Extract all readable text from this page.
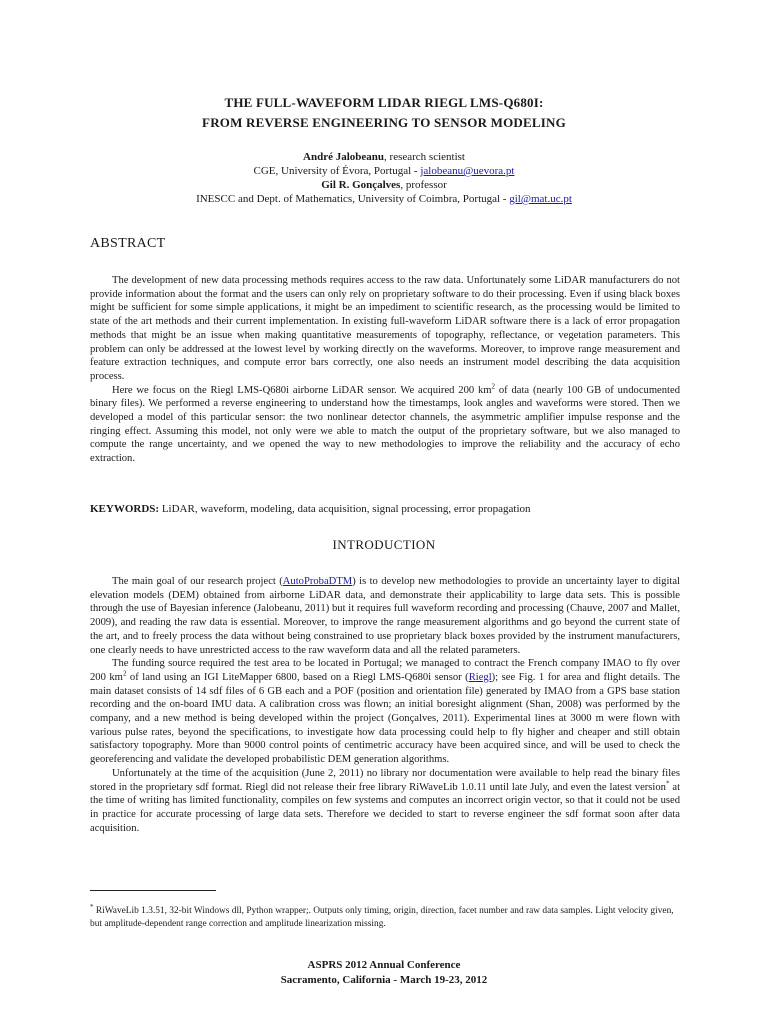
THE FULL-WAVEFORM LIDAR RIEGL LMS-Q680I:
FROM REVERSE ENGINEERING TO SENSOR MODELING
André Jalobeanu, research scientist
CGE, University of Évora, Portugal - jalobeanu@uevora.pt
Gil R. Gonçalves, professor
INESCC and Dept. of Mathematics, University of Coimbra, Portugal - gil@mat.uc.pt
ABSTRACT

The development of new data processing methods requires access to the raw data. Unfortunately some LiDAR manufacturers do not provide information about the format and the users can only rely on proprietary software to do their processing. Even if using black boxes might be sufficient for some simple applications, it might be an impediment to scientific research, as the processing would be limited to state of the art methods and their current implementation. In existing full-waveform LiDAR software there is a lack of error propagation methods that might be an issue when making quantitative measurements of topography, reflectance, or vegetation parameters. This problem can only be addressed at the lowest level by working directly on the waveforms. Moreover, to improve range measurement and feature extraction techniques, and compute error bars correctly, one also needs an instrument model describing the data acquisition process.

Here we focus on the Riegl LMS-Q680i airborne LiDAR sensor. We acquired 200 $km^2$ of data (nearly 100 GB of undocumented binary files). We performed a reverse engineering to understand how the timestamps, look angles and waveforms were stored. Then we developed a model of this particular sensor: the two nonlinear detector channels, the asymmetric amplifier impulse response and the ringing effect. Assuming this model, not only were we able to match the output of the proprietary software, but we also managed to compute the range uncertainty, and we opened the way to new methodologies to improve the reliability and the accuracy of echo extraction.

KEYWORDS: LiDAR, waveform, modeling, data acquisition, signal processing, error propagation
INTRODUCTION

The main goal of our research project (AutoProbaDTM) is to develop new methodologies to provide an uncertainty layer to digital elevation models (DEM) obtained from airborne LiDAR data, and demonstrate their applicability to large data sets. This is possible through the use of Bayesian inference (Jalobeanu, 2011) but it requires full waveform recording and processing (Chauve, 2007 and Mallet, 2009), and reading the raw data is essential. Moreover, to improve the range measurement algorithms and go beyond the current state of the art, and to freely process the data without being constrained to use proprietary black boxes provided by the instrument manufacturers, one clearly needs to have unrestricted access to the raw waveform data and all the related parameters.

The funding source required the test area to be located in Portugal; we managed to contract the French company IMAO to fly over 200 $km^2$ of land using an IGI LiteMapper 6800, based on a Riegl LMS-Q680i sensor (Riegl); see Fig. 1 for area and flight details. The main dataset consists of 14 sdf files of 6 GB each and a POF (position and orientation file) generated by IMAO from a GPS base station recording and the on-board IMU data. A calibration cross was flown; an initial boresight alignment (Shan, 2008) was performed by the company, and a new method is being developed within the project (Gonçalves, 2011). Experimental lines at 3000 m were flown with various pulse rates, beyond the specifications, to investigate how data processing could help to fly higher and cheaper and still obtain satisfactory topography. More than 9000 control points of centimetric accuracy have been acquired since, and will be used to check the georeferencing and validate the developed probabilistic DEM generation algorithms.

Unfortunately at the time of the acquisition (June 2, 2011) no library nor documentation were available to help read the binary files stored in the proprietary sdf format. Riegl did not release their free library RiWaveLib 1.0.11 until late July, and even the latest version* at the time of writing has limited functionality, compiles on few systems and computes an incorrect origin vector, so that it could not be used in practice for accurate processing of large data sets. Therefore we decided to start to reverse engineer the sdf format soon after data acquisition.

* RiWaveLib 1.3.51, 32-bit Windows dll, Python wrapper;. Outputs only timing, origin, direction, facet number and raw data samples. Light velocity given, but amplitude-dependent range correction and amplitude linearization missing.
ASPRS 2012 Annual Conference
Sacramento, California - March 19-23, 2012
